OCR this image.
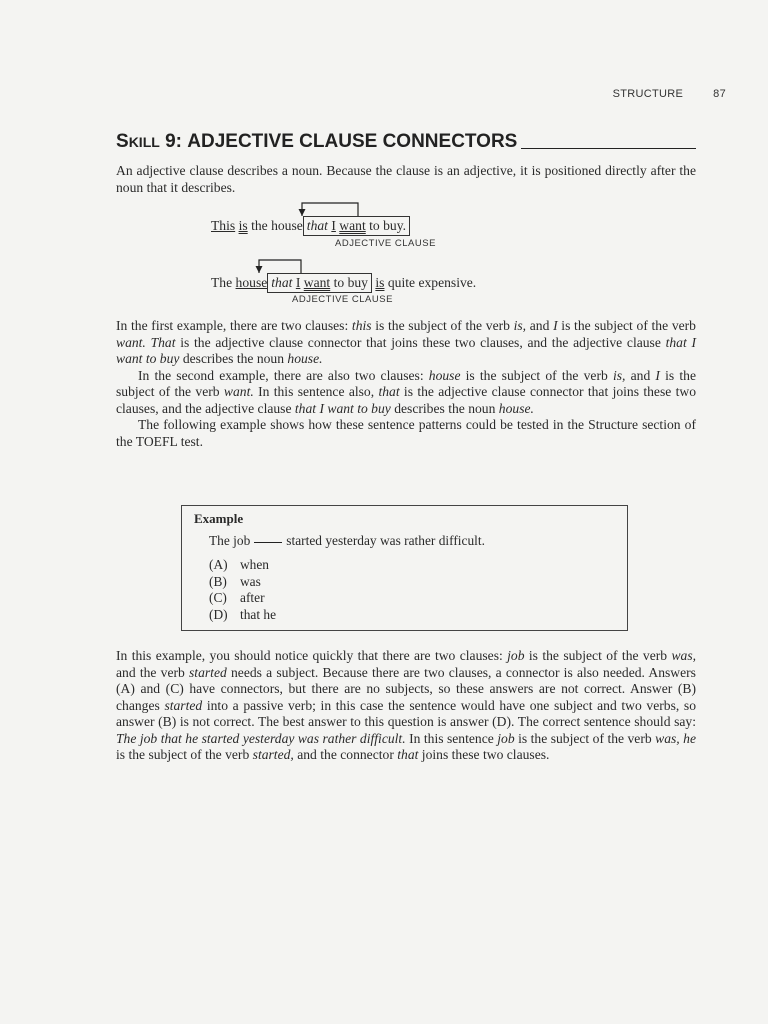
STRUCTURE	87
SKILL 9: ADJECTIVE CLAUSE CONNECTORS

An adjective clause describes a noun. Because the clause is an adjective, it is positioned directly after the noun that it describes.

This is the house that I want to buy.
ADJECTIVE CLAUSE
The house that I want to buy is quite expensive.
ADJECTIVE CLAUSE
In the first example, there are two clauses: this is the subject of the verb is, and I is the subject of the verb want. That is the adjective clause connector that joins these two clauses, and the adjective clause that I want to buy describes the noun house.
In the second example, there are also two clauses: house is the subject of the verb is, and I is the subject of the verb want. In this sentence also, that is the adjective clause connector that joins these two clauses, and the adjective clause that I want to buy describes the noun house.
The following example shows how these sentence patterns could be tested in the Structure section of the TOEFL test.
Example
The job	started yesterday was rather difficult.
(A) when
(B) was
(C) after
(D) that he
In this example, you should notice quickly that there are two clauses: job is the subject of the verb was, and the verb started needs a subject. Because there are two clauses, a connector is also needed. Answers (A) and (C) have connectors, but there are no subjects, so these answers are not correct. Answer (B) changes started into a passive verb; in this case the sentence would have one subject and two verbs, so answer (B) is not correct. The best answer to this question is answer (D). The correct sentence should say: The job that he started yesterday was rather difficult. In this sentence job is the subject of the verb was, he is the subject of the verb started, and the connector that joins these two clauses.
